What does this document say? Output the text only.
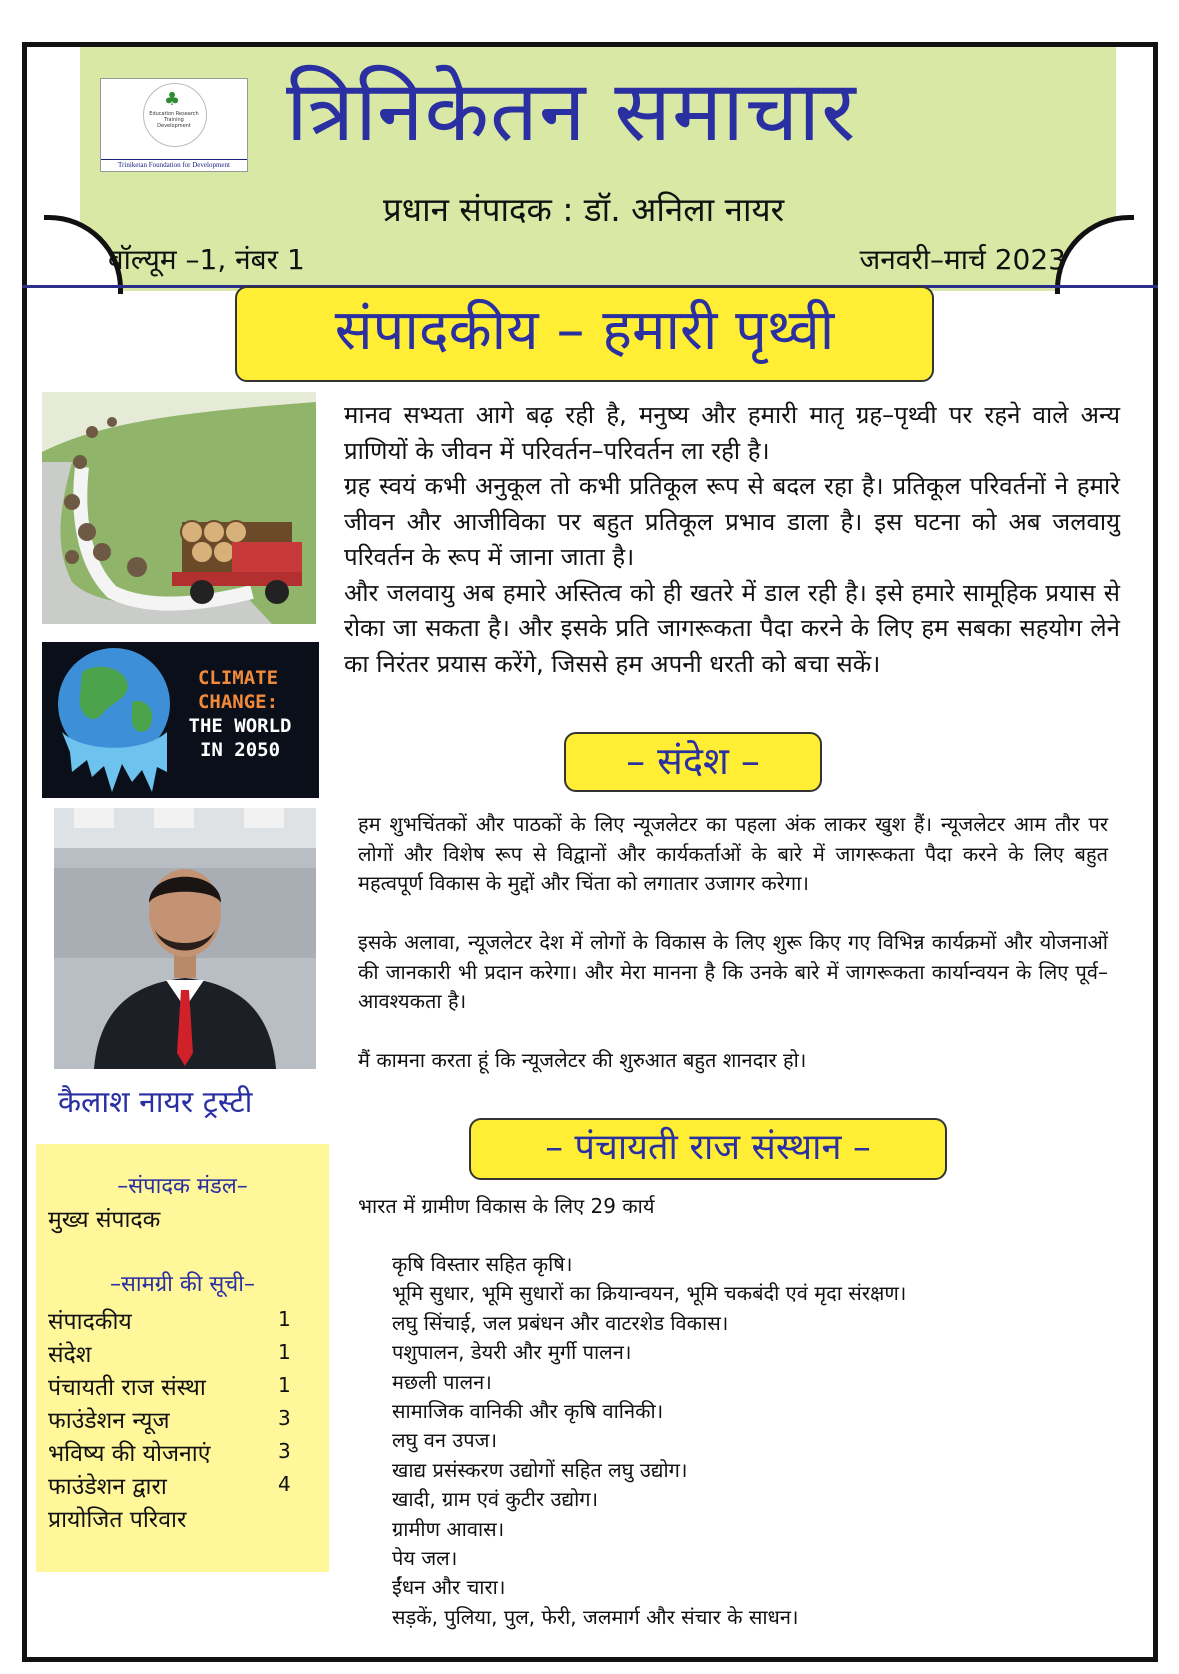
♣
Education Research Training Development
Triniketan Foundation for Development
त्रिनिकेतन समाचार
प्रधान संपादक : डॉ. अनिला नायर
वॉल्यूम –1, नंबर 1	जनवरी–मार्च 2023
संपादकीय – हमारी पृथ्वी
CLIMATE
CHANGE:
THE WORLD
IN 2050
कैलाश नायर ट्रस्टी

मानव सभ्यता आगे बढ़ रही है, मनुष्य और हमारी मातृ ग्रह–पृथ्वी पर रहने वाले अन्य प्राणियों के जीवन में परिवर्तन–परिवर्तन ला रही है।

ग्रह स्वयं कभी अनुकूल तो कभी प्रतिकूल रूप से बदल रहा है। प्रतिकूल परिवर्तनों ने हमारे जीवन और आजीविका पर बहुत प्रतिकूल प्रभाव डाला है। इस घटना को अब जलवायु परिवर्तन के रूप में जाना जाता है।

और जलवायु अब हमारे अस्तित्व को ही खतरे में डाल रही है। इसे हमारे सामूहिक प्रयास से रोका जा सकता है। और इसके प्रति जागरूकता पैदा करने के लिए हम सबका सहयोग लेने का निरंतर प्रयास करेंगे, जिससे हम अपनी धरती को बचा सकें।

– संदेश –

हम शुभचिंतकों और पाठकों के लिए न्यूजलेटर का पहला अंक लाकर खुश हैं। न्यूजलेटर आम तौर पर लोगों और विशेष रूप से विद्वानों और कार्यकर्ताओं के बारे में जागरूकता पैदा करने के लिए बहुत महत्वपूर्ण विकास के मुद्दों और चिंता को लगातार उजागर करेगा।

इसके अलावा, न्यूजलेटर देश में लोगों के विकास के लिए शुरू किए गए विभिन्न कार्यक्रमों और योजनाओं की जानकारी भी प्रदान करेगा। और मेरा मानना है कि उनके बारे में जागरूकता कार्यान्वयन के लिए पूर्व–आवश्यकता है।

मैं कामना करता हूं कि न्यूजलेटर की शुरुआत बहुत शानदार हो।

–संपादक मंडल–
मुख्य संपादक
–सामग्री की सूची–
संपादकीय	1
संदेश	1
पंचायती राज संस्था	1
फाउंडेशन न्यूज	3
भविष्य की योजनाएं	3
फाउंडेशन द्वारा	4
प्रायोजित परिवार
– पंचायती राज संस्थान –
भारत में ग्रामीण विकास के लिए 29 कार्य
कृषि विस्तार सहित कृषि।
भूमि सुधार, भूमि सुधारों का क्रियान्वयन, भूमि चकबंदी एवं मृदा संरक्षण।
लघु सिंचाई, जल प्रबंधन और वाटरशेड विकास।
पशुपालन, डेयरी और मुर्गी पालन।
मछली पालन।
सामाजिक वानिकी और कृषि वानिकी।
लघु वन उपज।
खाद्य प्रसंस्करण उद्योगों सहित लघु उद्योग।
खादी, ग्राम एवं कुटीर उद्योग।
ग्रामीण आवास।
पेय जल।
ईंधन और चारा।
सड़कें, पुलिया, पुल, फेरी, जलमार्ग और संचार के साधन।
